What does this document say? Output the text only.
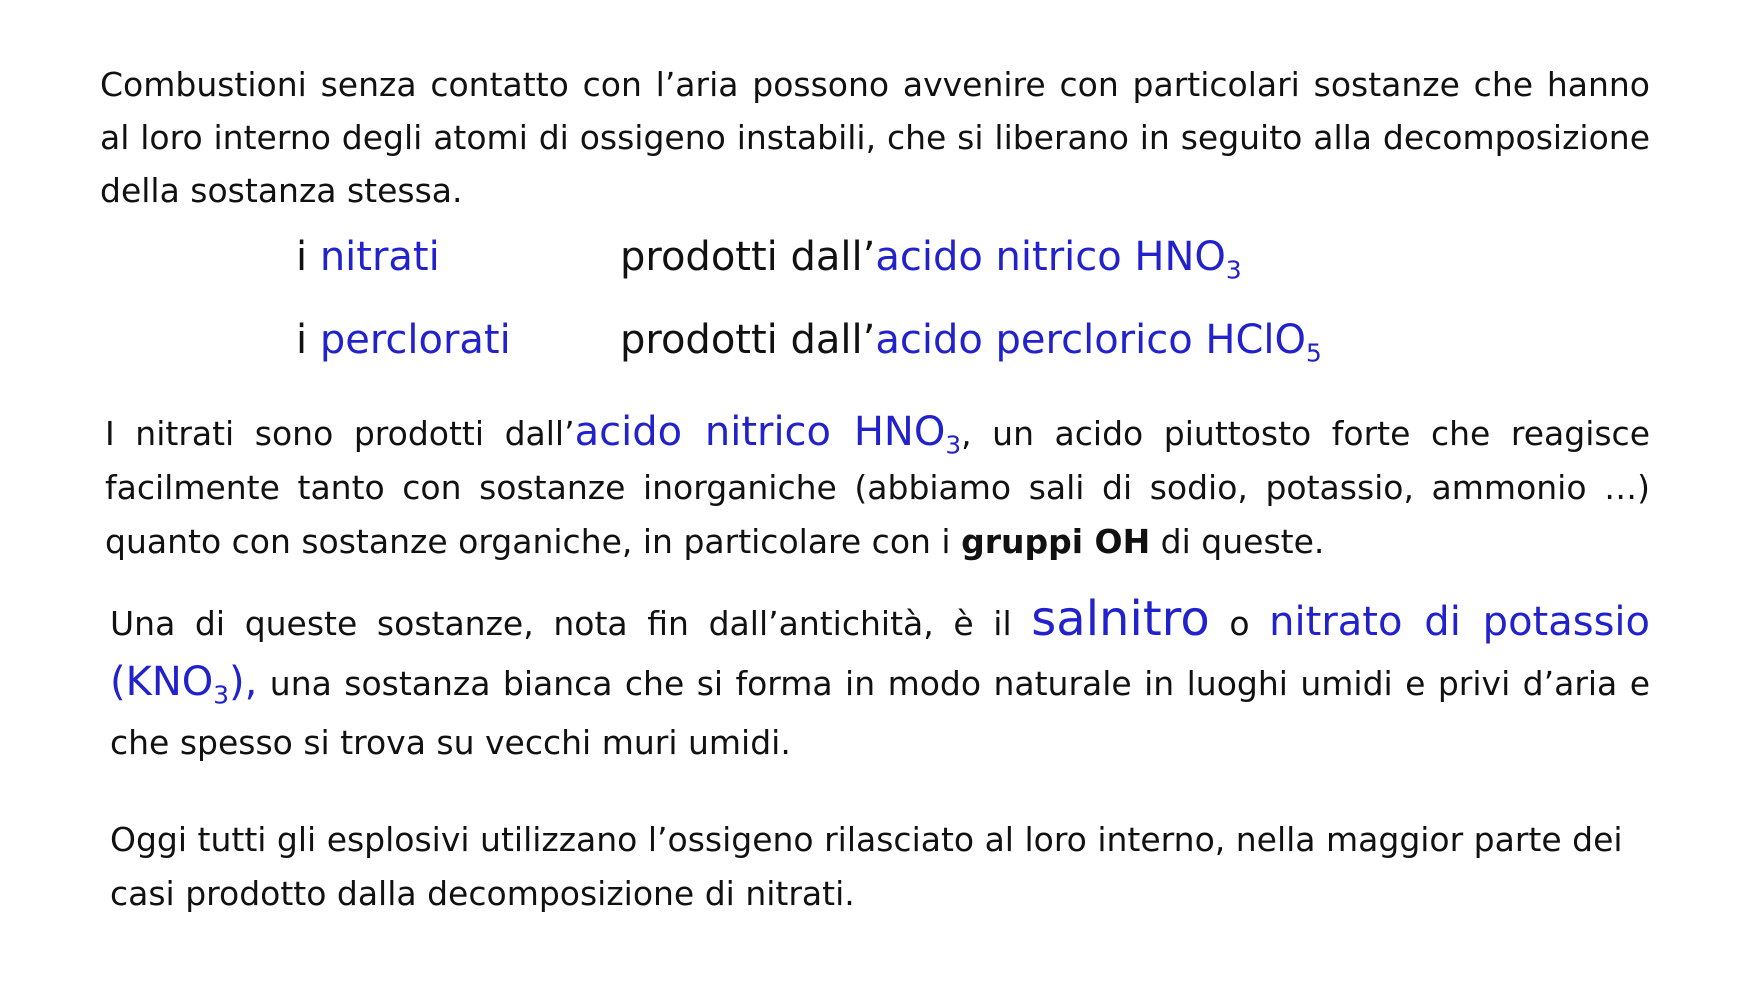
Combustioni senza contatto con l’aria possono avvenire con particolari sostanze che hanno al loro interno degli atomi di ossigeno instabili, che si liberano in seguito alla decomposizione della sostanza stessa.

i nitrati	prodotti dall’acido nitrico $HNO_3$
i perclorati	prodotti dall’acido perclorico HClO$_5$

I nitrati sono prodotti dall’acido nitrico $HNO_3$, un acido piuttosto forte che reagisce facilmente tanto con sostanze inorganiche (abbiamo sali di sodio, potassio, ammonio …) quanto con sostanze organiche, in particolare con i gruppi OH di queste.

Una di queste sostanze, nota fin dall’antichità, è il salnitro o nitrato di potassio $(KNO_3)$, una sostanza bianca che si forma in modo naturale in luoghi umidi e privi d’aria e che spesso si trova su vecchi muri umidi.

Oggi tutti gli esplosivi utilizzano l’ossigeno rilasciato al loro interno, nella maggior parte dei casi prodotto dalla decomposizione di nitrati.
